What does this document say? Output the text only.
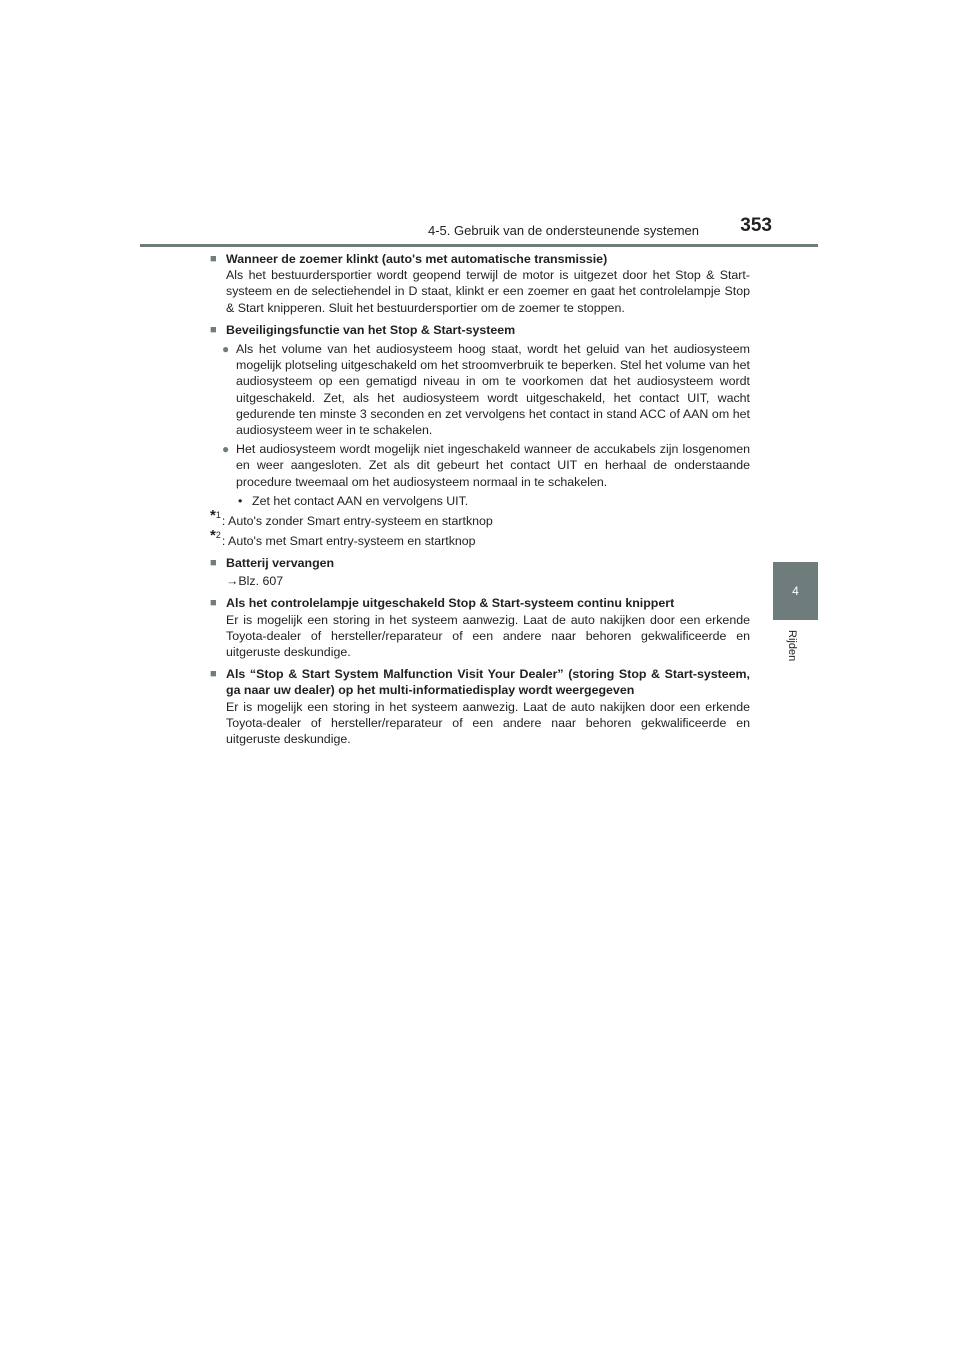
4-5. Gebruik van de ondersteunende systemen 353
4
Rijden
■ Wanneer de zoemer klinkt (auto's met automatische transmissie)
Als het bestuurdersportier wordt geopend terwijl de motor is uitgezet door het Stop & Start-systeem en de selectiehendel in D staat, klinkt er een zoemer en gaat het controlelampje Stop & Start knipperen. Sluit het bestuurdersportier om de zoemer te stoppen.
■ Beveiligingsfunctie van het Stop & Start-systeem
● Als het volume van het audiosysteem hoog staat, wordt het geluid van het audiosysteem mogelijk plotseling uitgeschakeld om het stroomverbruik te beperken. Stel het volume van het audiosysteem op een gematigd niveau in om te voorkomen dat het audiosysteem wordt uitgeschakeld. Zet, als het audiosysteem wordt uitgeschakeld, het contact UIT, wacht gedurende ten minste 3 seconden en zet vervolgens het contact in stand ACC of AAN om het audiosysteem weer in te schakelen.
● Het audiosysteem wordt mogelijk niet ingeschakeld wanneer de accukabels zijn losgenomen en weer aangesloten. Zet als dit gebeurt het contact UIT en herhaal de onderstaande procedure tweemaal om het audiosysteem normaal in te schakelen.
• Zet het contact AAN en vervolgens UIT.
* 1 : Auto's zonder Smart entry-systeem en startknop
* 2 : Auto's met Smart entry-systeem en startknop
■ Batterij vervangen
→Blz. 607
■ Als het controlelampje uitgeschakeld Stop & Start-systeem continu knippert
Er is mogelijk een storing in het systeem aanwezig. Laat de auto nakijken door een erkende Toyota-dealer of hersteller/reparateur of een andere naar behoren gekwalificeerde en uitgeruste deskundige.
■ Als “Stop & Start System Malfunction Visit Your Dealer” (storing Stop & Start-systeem, ga naar uw dealer) op het multi-informatiedisplay wordt weergegeven
Er is mogelijk een storing in het systeem aanwezig. Laat de auto nakijken door een erkende Toyota-dealer of hersteller/reparateur of een andere naar behoren gekwalificeerde en uitgeruste deskundige.
